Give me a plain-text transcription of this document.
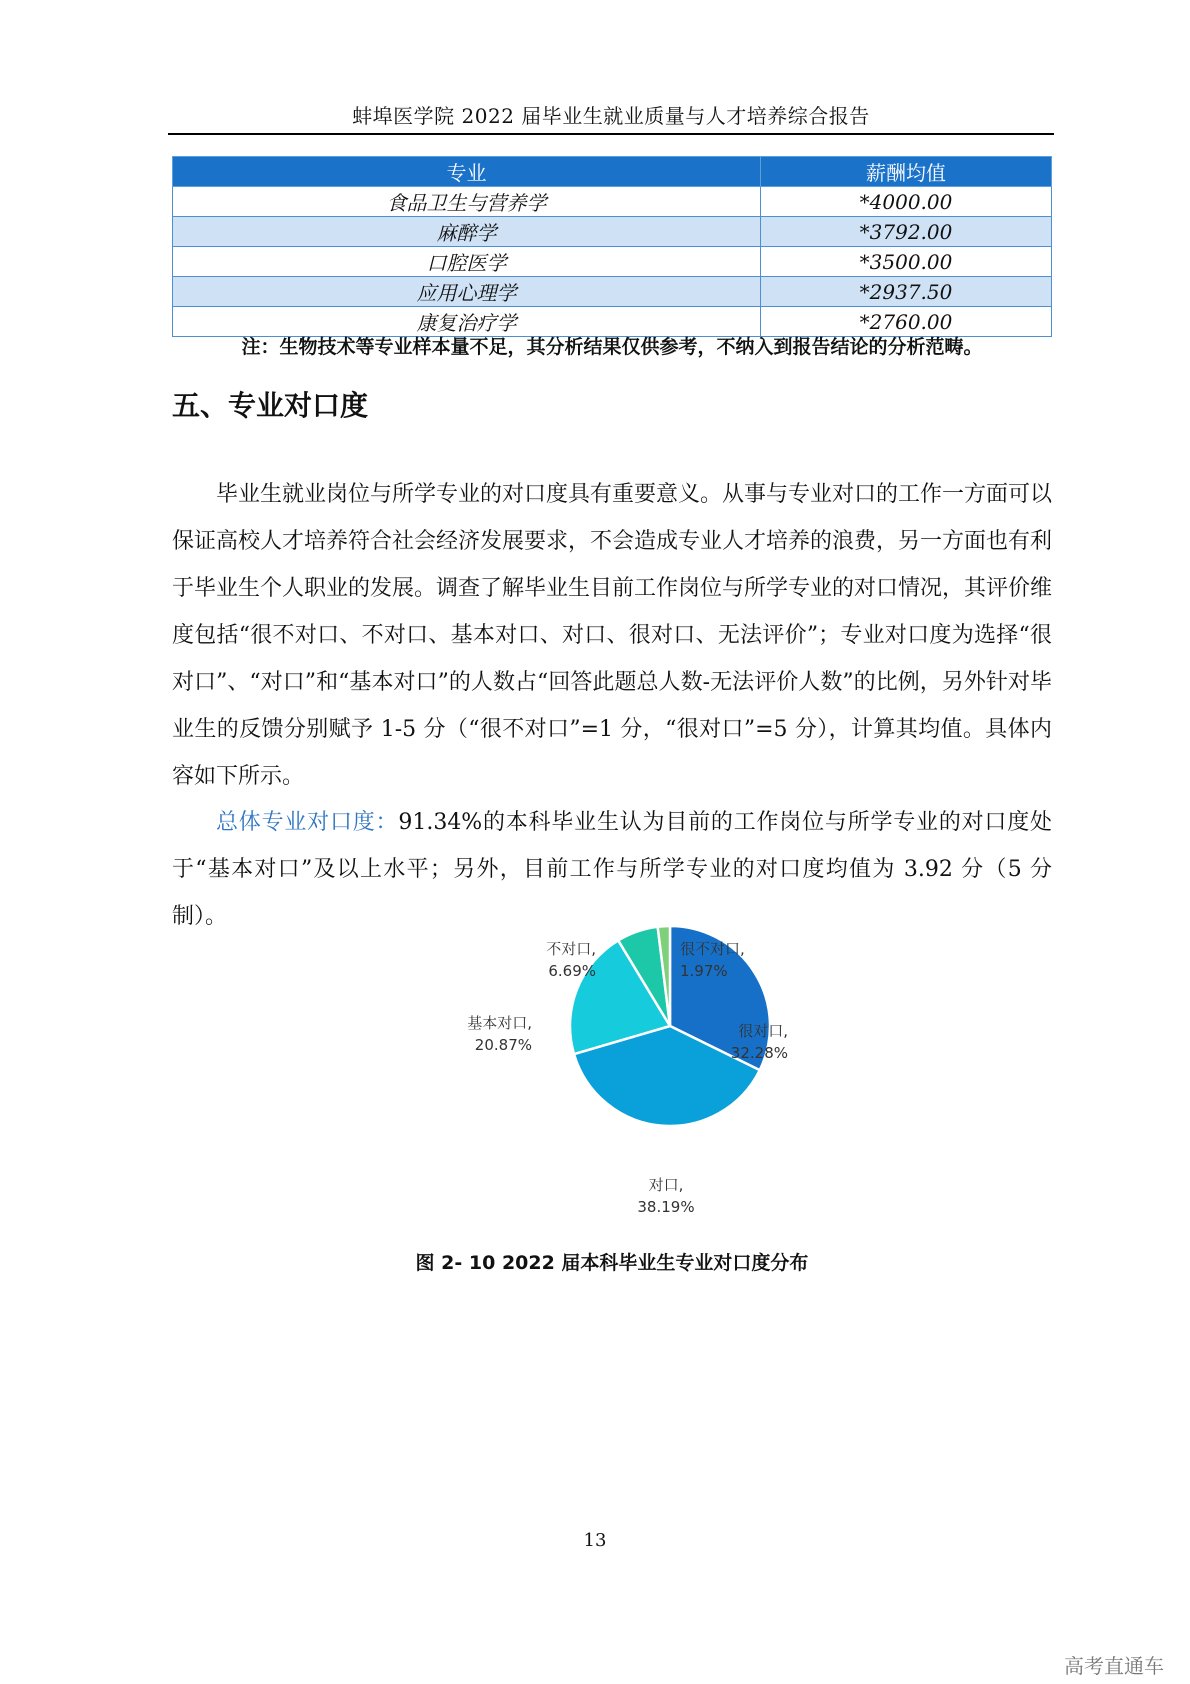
蚌埠医学院 2022 届毕业生就业质量与人才培养综合报告
专业	薪酬均值
食品卫生与营养学	*4000.00
麻醉学	*3792.00
口腔医学	*3500.00
应用心理学	*2937.50
康复治疗学	*2760.00
注：生物技术等专业样本量不足，其分析结果仅供参考，不纳入到报告结论的分析范畴。
五、专业对口度

毕业生就业岗位与所学专业的对口度具有重要意义。从事与专业对口的工作一方面可以保证高校人才培养符合社会经济发展要求，不会造成专业人才培养的浪费，另一方面也有利于毕业生个人职业的发展。调查了解毕业生目前工作岗位与所学专业的对口情况，其评价维度包括“很不对口、不对口、基本对口、对口、很对口、无法评价”；专业对口度为选择“很对口”、“对口”和“基本对口”的人数占“回答此题总人数-无法评价人数”的比例，另外针对毕业生的反馈分别赋予 1-5 分（“很不对口”=1 分，“很对口”=5 分），计算其均值。具体内容如下所示。

总体专业对口度：91.34%的本科毕业生认为目前的工作岗位与所学专业的对口度处于“基本对口”及以上水平；另外，目前工作与所学专业的对口度均值为 3.92 分（5 分制）。

很对口,
32.28%
对口,
38.19%
基本对口,
20.87%
不对口,
6.69%
很不对口,
1.97%
图 2- 10 2022 届本科毕业生专业对口度分布
13
高考直通车
